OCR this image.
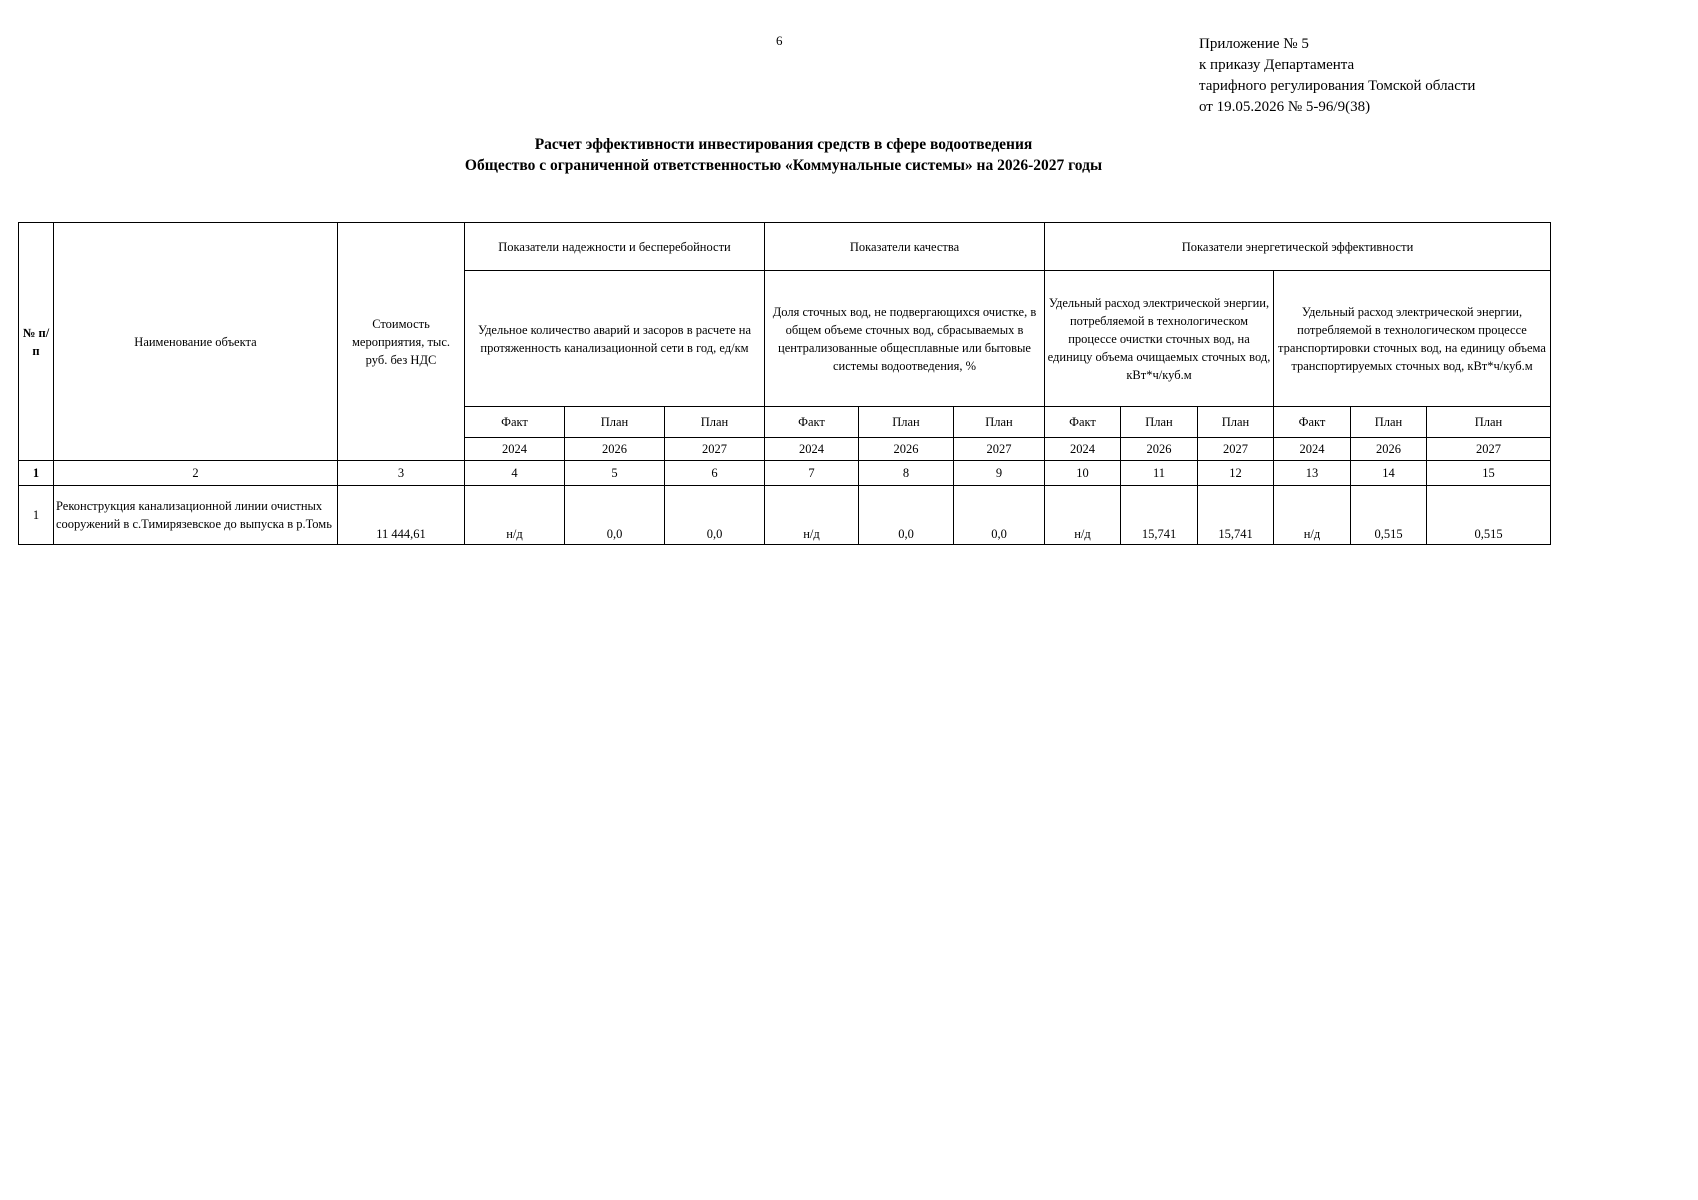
6	Приложение № 5
к приказу Департамента
тарифного регулирования Томской области
от 19.05.2026 № 5-96/9(38)
Расчет эффективности инвестирования средств в сфере водоотведения
Общество с ограниченной ответственностью «Коммунальные системы» на 2026-2027 годы
№ п/п	Наименование объекта	Стоимость мероприятия, тыс. руб. без НДС	Показатели надежности и бесперебойности			Показатели качества			Показатели энергетической эффективности					
			Удельное количество аварий и засоров в расчете на протяженность канализационной сети в год, ед/км			Доля сточных вод, не подвергающихся очистке, в общем объеме сточных вод, сбрасываемых в централизованные общесплавные или бытовые системы водоотведения, %			Удельный расход электрической энергии, потребляемой в технологическом процессе очистки сточных вод, на единицу объема очищаемых сточных вод, кВт*ч/куб.м			Удельный расход электрической энергии, потребляемой в технологическом процессе транспортировки сточных вод, на единицу объема транспортируемых сточных вод, кВт*ч/куб.м		
			Факт	План	План	Факт	План	План	Факт	План	План	Факт	План	План
			2024	2026	2027	2024	2026	2027	2024	2026	2027	2024	2026	2027
1	2	3	4	5	6	7	8	9	10	11	12	13	14	15
1	Реконструкция канализационной линии очистных сооружений в с.Тимирязевское до выпуска в р.Томь	11 444,61	н/д	0,0	0,0	н/д	0,0	0,0	н/д	15,741	15,741	н/д	0,515	0,515
